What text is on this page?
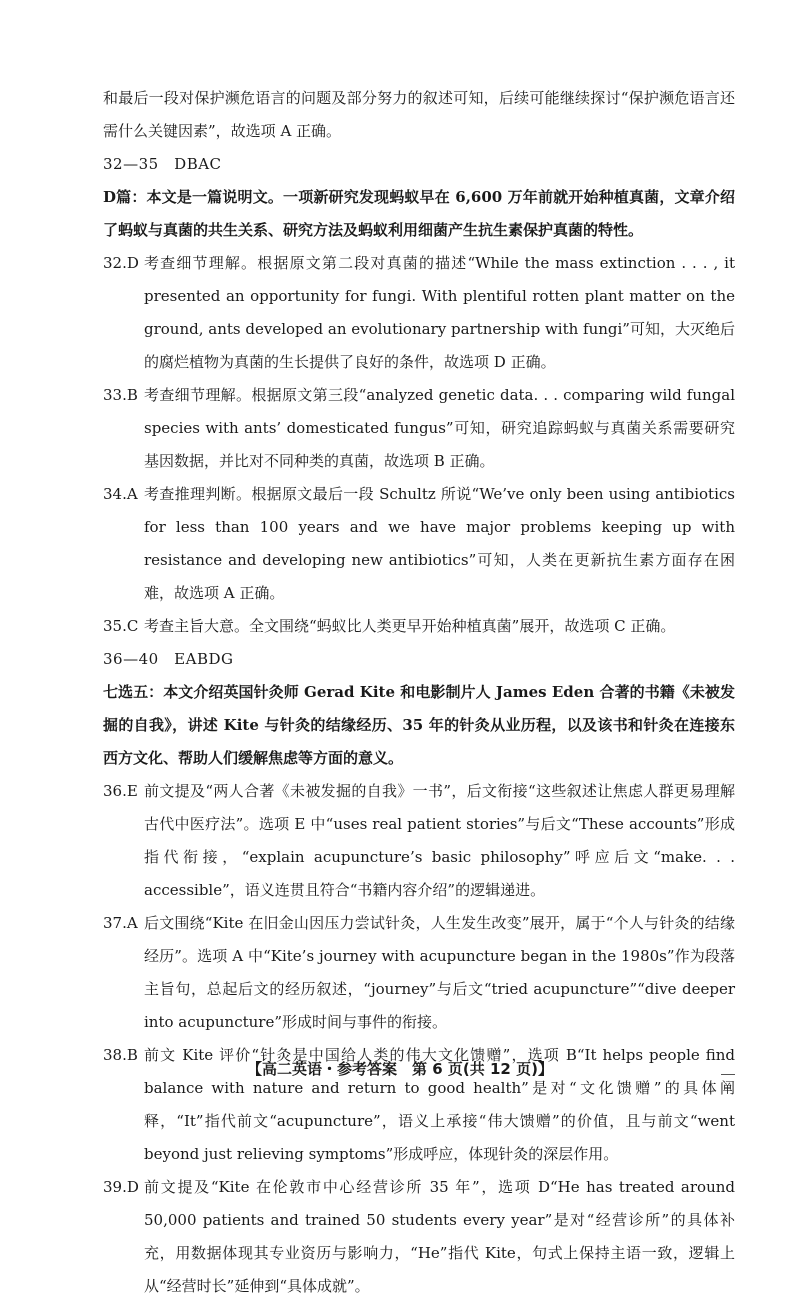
和最后一段对保护濒危语言的问题及部分努力的叙述可知，后续可能继续探讨“保护濒危语言还需什么关键因素”，故选项 A 正确。

32—35　DBAC

D篇：本文是一篇说明文。一项新研究发现蚂蚁早在 6,600 万年前就开始种植真菌，文章介绍了蚂蚁与真菌的共生关系、研究方法及蚂蚁利用细菌产生抗生素保护真菌的特性。

32.D 考查细节理解。根据原文第二段对真菌的描述“While the mass extinction . . . , it presented an opportunity for fungi. With plentiful rotten plant matter on the ground, ants developed an evolutionary partnership with fungi”可知，大灭绝后的腐烂植物为真菌的生长提供了良好的条件，故选项 D 正确。
33.B 考查细节理解。根据原文第三段“analyzed genetic data. . . comparing wild fungal species with ants’ domesticated fungus”可知，研究追踪蚂蚁与真菌关系需要研究基因数据，并比对不同种类的真菌，故选项 B 正确。
34.A 考查推理判断。根据原文最后一段 Schultz 所说“We’ve only been using antibiotics for less than 100 years and we have major problems keeping up with resistance and developing new antibiotics”可知，人类在更新抗生素方面存在困难，故选项 A 正确。
35.C 考查主旨大意。全文围绕“蚂蚁比人类更早开始种植真菌”展开，故选项 C 正确。

36—40　EABDG

七选五：本文介绍英国针灸师 Gerad Kite 和电影制片人 James Eden 合著的书籍《未被发掘的自我》，讲述 Kite 与针灸的结缘经历、35 年的针灸从业历程，以及该书和针灸在连接东西方文化、帮助人们缓解焦虑等方面的意义。

36.E 前文提及“两人合著《未被发掘的自我》一书”，后文衔接“这些叙述让焦虑人群更易理解古代中医疗法”。选项 E 中“uses real patient stories”与后文“These accounts”形成指代衔接，“explain acupuncture’s basic philosophy”呼应后文“make. . . accessible”，语义连贯且符合“书籍内容介绍”的逻辑递进。
37.A 后文围绕“Kite 在旧金山因压力尝试针灸，人生发生改变”展开，属于“个人与针灸的结缘经历”。选项 A 中“Kite’s journey with acupuncture began in the 1980s”作为段落主旨句，总起后文的经历叙述，“journey”与后文“tried acupuncture”“dive deeper into acupuncture”形成时间与事件的衔接。
38.B 前文 Kite 评价“针灸是中国给人类的伟大文化馈赠”，选项 B“It helps people find balance with nature and return to good health”是对“文化馈赠”的具体阐释，“It”指代前文“acupuncture”，语义上承接“伟大馈赠”的价值，且与前文“went beyond just relieving symptoms”形成呼应，体现针灸的深层作用。
39.D 前文提及“Kite 在伦敦市中心经营诊所 35 年”，选项 D“He has treated around 50,000 patients and trained 50 students every year”是对“经营诊所”的具体补充，用数据体现其专业资历与影响力，“He”指代 Kite，句式上保持主语一致，逻辑上从“经营时长”延伸到“具体成就”。
【高二英语・参考答案　第 6 页(共 12 页)】
